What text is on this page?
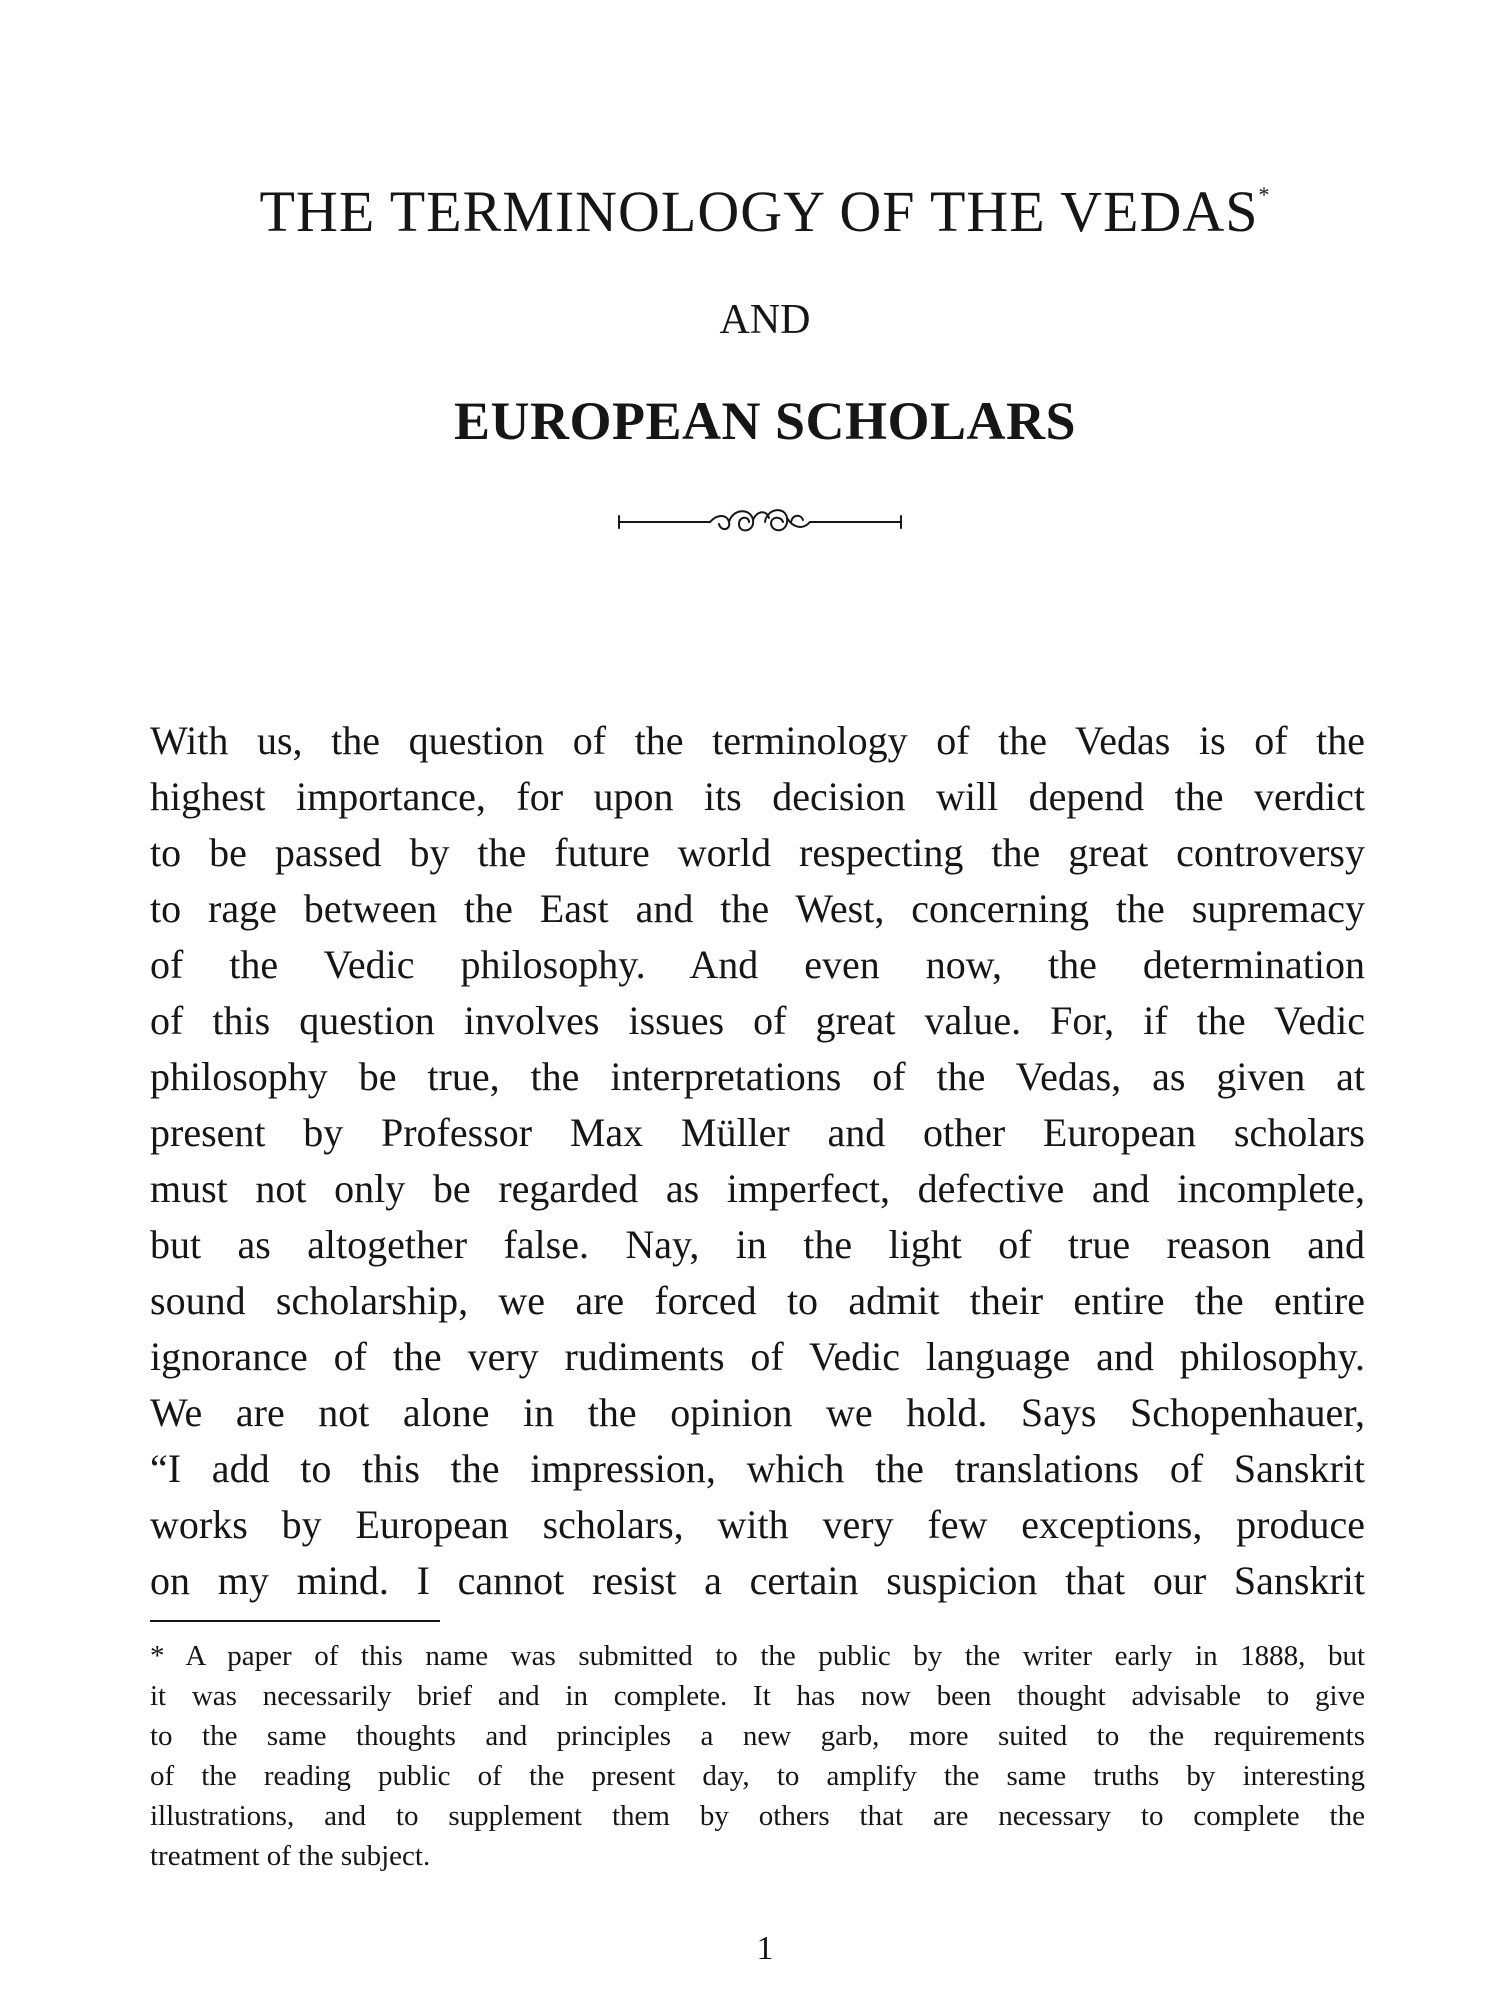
THE TERMINOLOGY OF THE VEDAS*
AND
EUROPEAN SCHOLARS
With us, the question of the terminology of the Vedas is of the
highest importance, for upon its decision will depend the verdict
to be passed by the future world respecting the great controversy
to rage between the East and the West, concerning the supremacy
of the Vedic philosophy. And even now, the determination
of this question involves issues of great value. For, if the Vedic
philosophy be true, the interpretations of the Vedas, as given at
present by Professor Max Müller and other European scholars
must not only be regarded as imperfect, defective and incomplete,
but as altogether false. Nay, in the light of true reason and
sound scholarship, we are forced to admit their entire the entire
ignorance of the very rudiments of Vedic language and philosophy.
We are not alone in the opinion we hold. Says Schopenhauer,
“I add to this the impression, which the translations of Sanskrit
works by European scholars, with very few exceptions, produce
on my mind. I cannot resist a certain suspicion that our Sanskrit
* A paper of this name was submitted to the public by the writer early in 1888, but
it was necessarily brief and in complete. It has now been thought advisable to give
to the same thoughts and principles a new garb, more suited to the requirements
of the reading public of the present day, to amplify the same truths by interesting
illustrations, and to supplement them by others that are necessary to complete the
treatment of the subject.
1
